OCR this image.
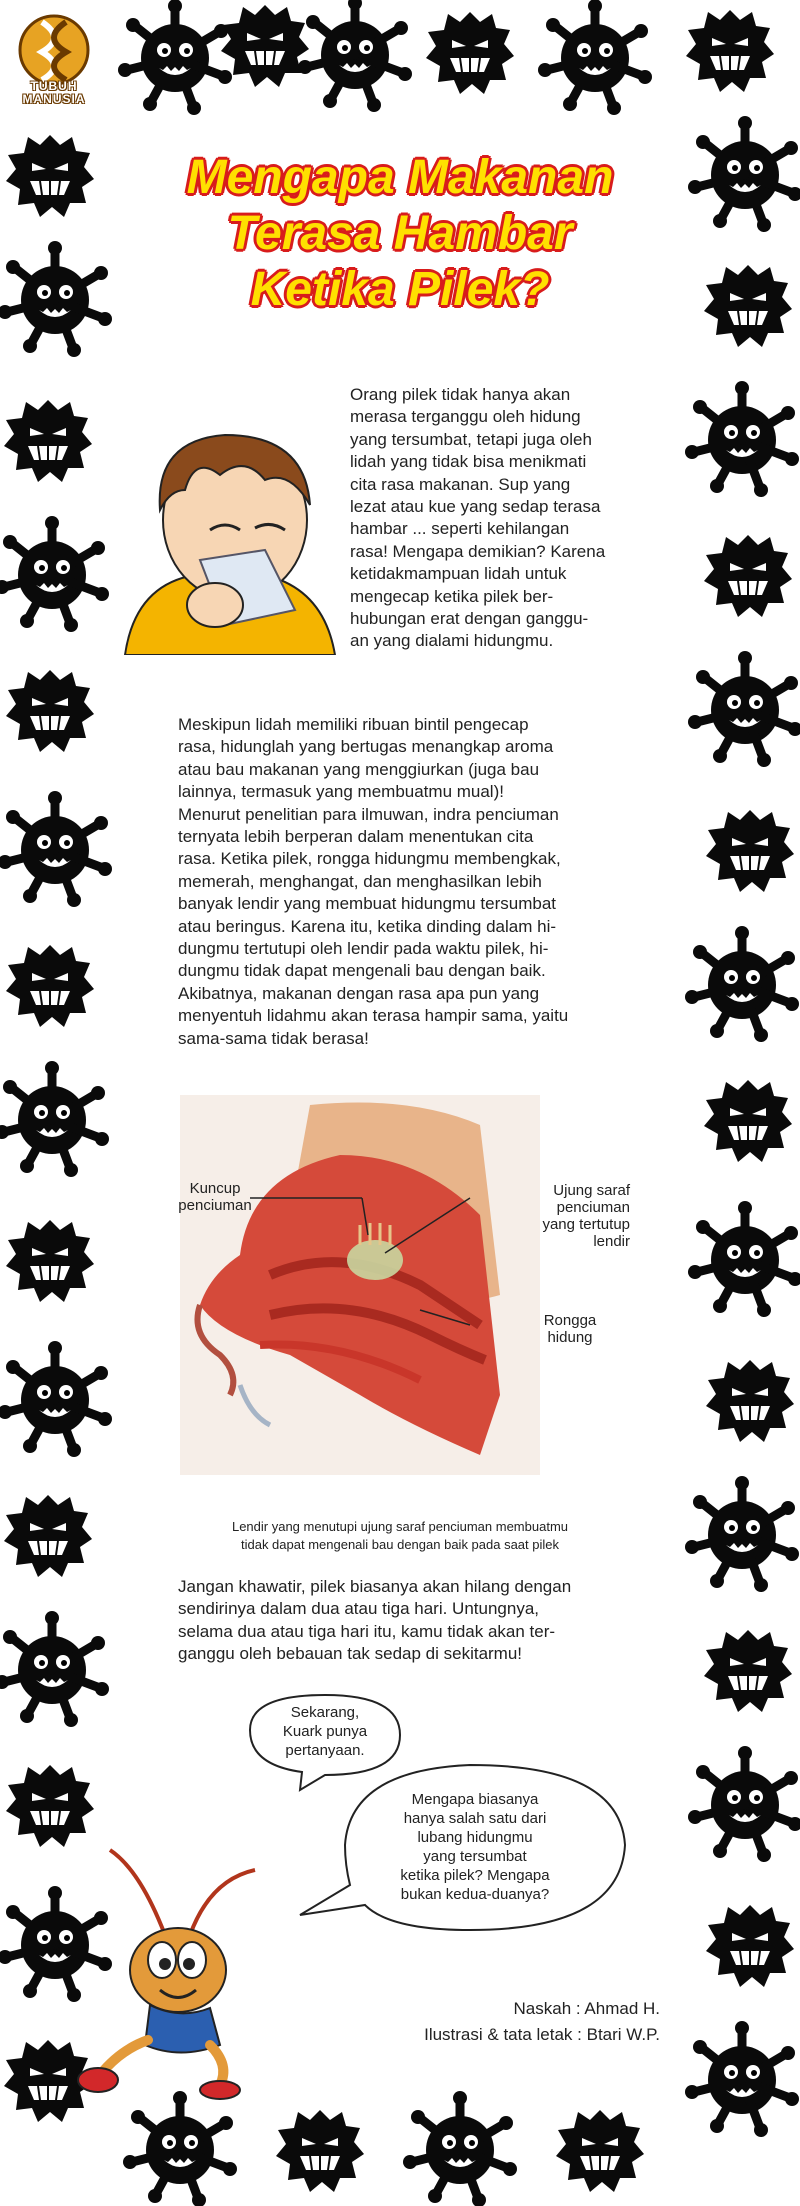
TUBUH MANUSIA
Mengapa Makanan
Terasa Hambar
Ketika Pilek?
Orang pilek tidak hanya akan
merasa terganggu oleh hidung
yang tersumbat, tetapi juga oleh
lidah yang tidak bisa menikmati
cita rasa makanan. Sup yang
lezat atau kue yang sedap terasa
hambar ... seperti kehilangan
rasa! Mengapa demikian? Karena
ketidakmampuan lidah untuk
mengecap ketika pilek ber-
hubungan erat dengan ganggu-
an yang dialami hidungmu.
Meskipun lidah memiliki ribuan bintil pengecap
rasa, hidunglah yang bertugas menangkap aroma
atau bau makanan yang menggiurkan (juga bau
lainnya, termasuk yang membuatmu mual)!
Menurut penelitian para ilmuwan, indra penciuman
ternyata lebih berperan dalam menentukan cita
rasa. Ketika pilek, rongga hidungmu membengkak,
memerah, menghangat, dan menghasilkan lebih
banyak lendir yang membuat hidungmu tersumbat
atau beringus. Karena itu, ketika dinding dalam hi-
dungmu tertutupi oleh lendir pada waktu pilek, hi-
dungmu tidak dapat mengenali bau dengan baik.
Akibatnya, makanan dengan rasa apa pun yang
menyentuh lidahmu akan terasa hampir sama, yaitu
sama-sama tidak berasa!
Kuncup
penciuman
Ujung saraf
penciuman
yang tertutup
lendir
Rongga
hidung
Lendir yang menutupi ujung saraf penciuman membuatmu
tidak dapat mengenali bau dengan baik pada saat pilek
Jangan khawatir, pilek biasanya akan hilang dengan
sendirinya dalam dua atau tiga hari. Untungnya,
selama dua atau tiga hari itu, kamu tidak akan ter-
ganggu oleh bebauan tak sedap di sekitarmu!
Sekarang,
Kuark punya
pertanyaan.
Mengapa biasanya
hanya salah satu dari
lubang hidungmu
yang tersumbat
ketika pilek? Mengapa
bukan kedua-duanya?
Naskah : Ahmad H.
Ilustrasi & tata letak : Btari W.P.
